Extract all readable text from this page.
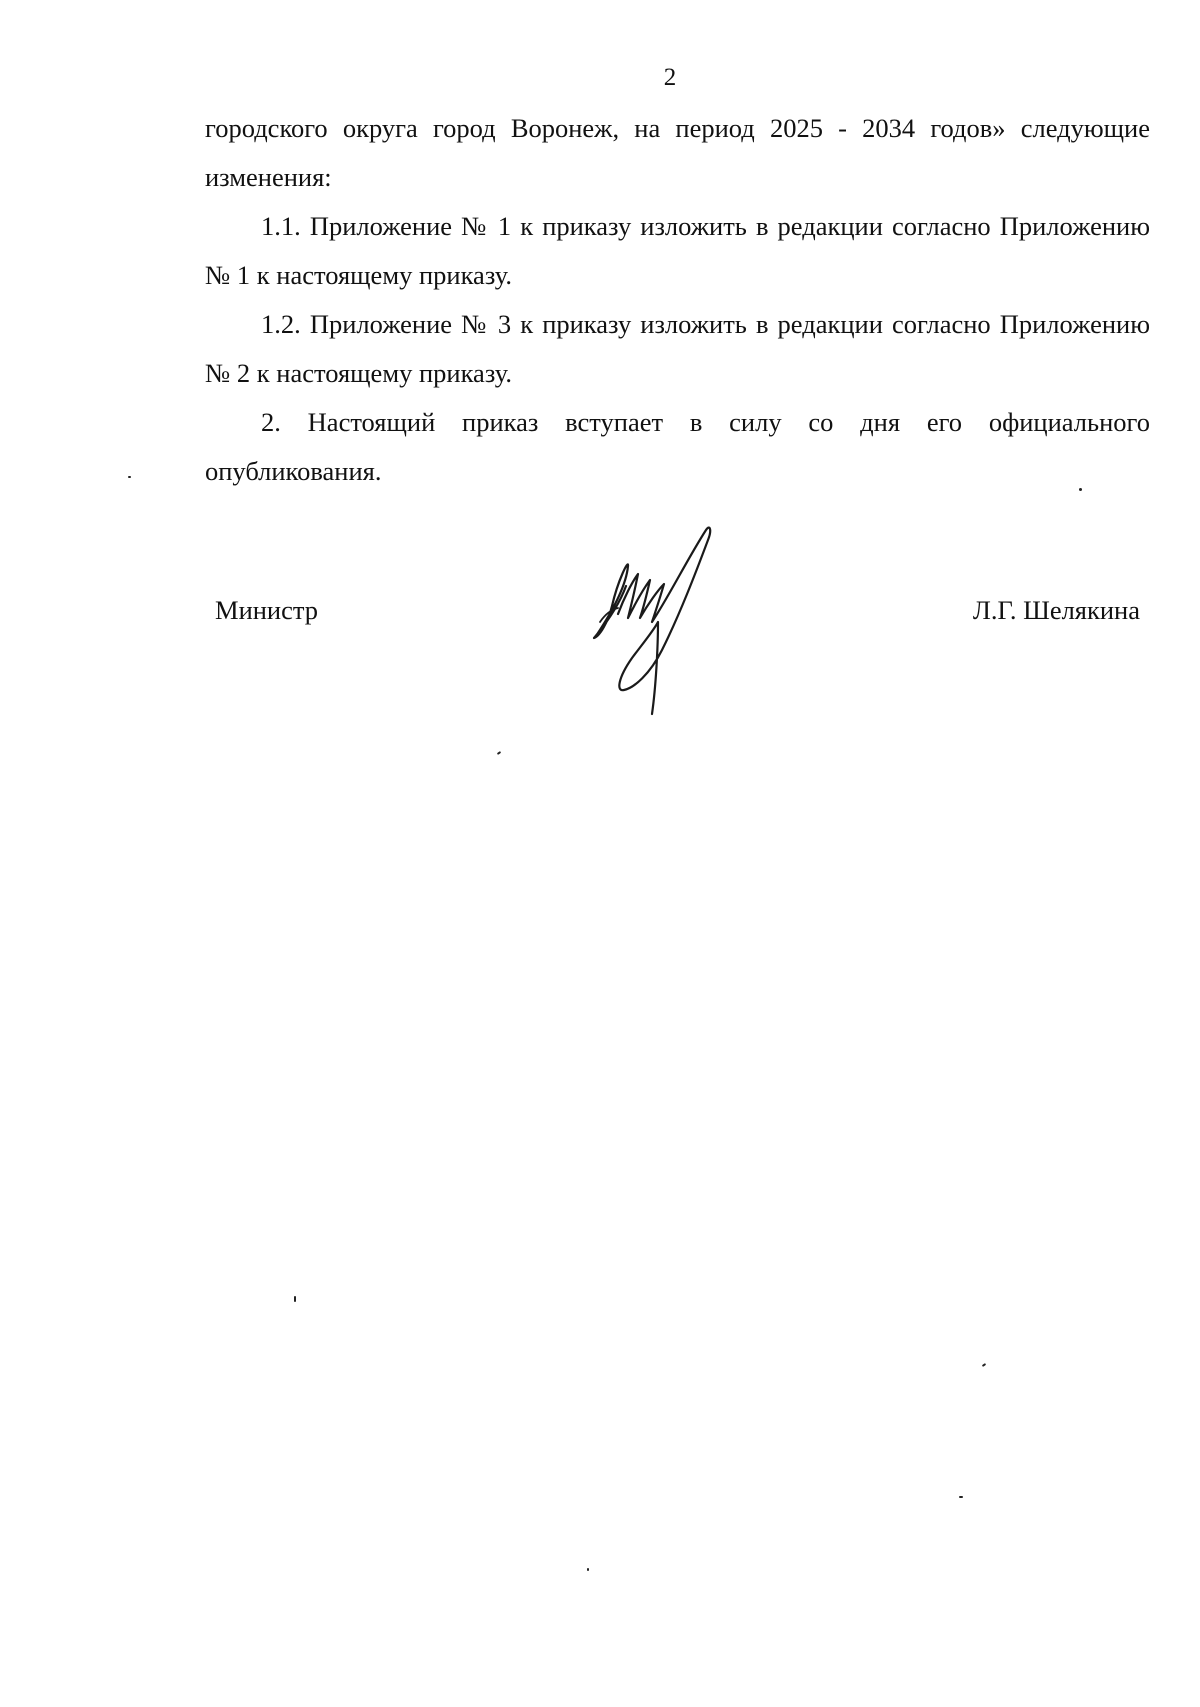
2

городского округа город Воронеж, на период 2025 - 2034 годов» следующие изменения:

1.1. Приложение № 1 к приказу изложить в редакции согласно Приложению № 1 к настоящему приказу.

1.2. Приложение № 3 к приказу изложить в редакции согласно Приложению № 2 к настоящему приказу.

2. Настоящий приказ вступает в силу со дня его официального опубликования.

Министр	Л.Г. Шелякина
